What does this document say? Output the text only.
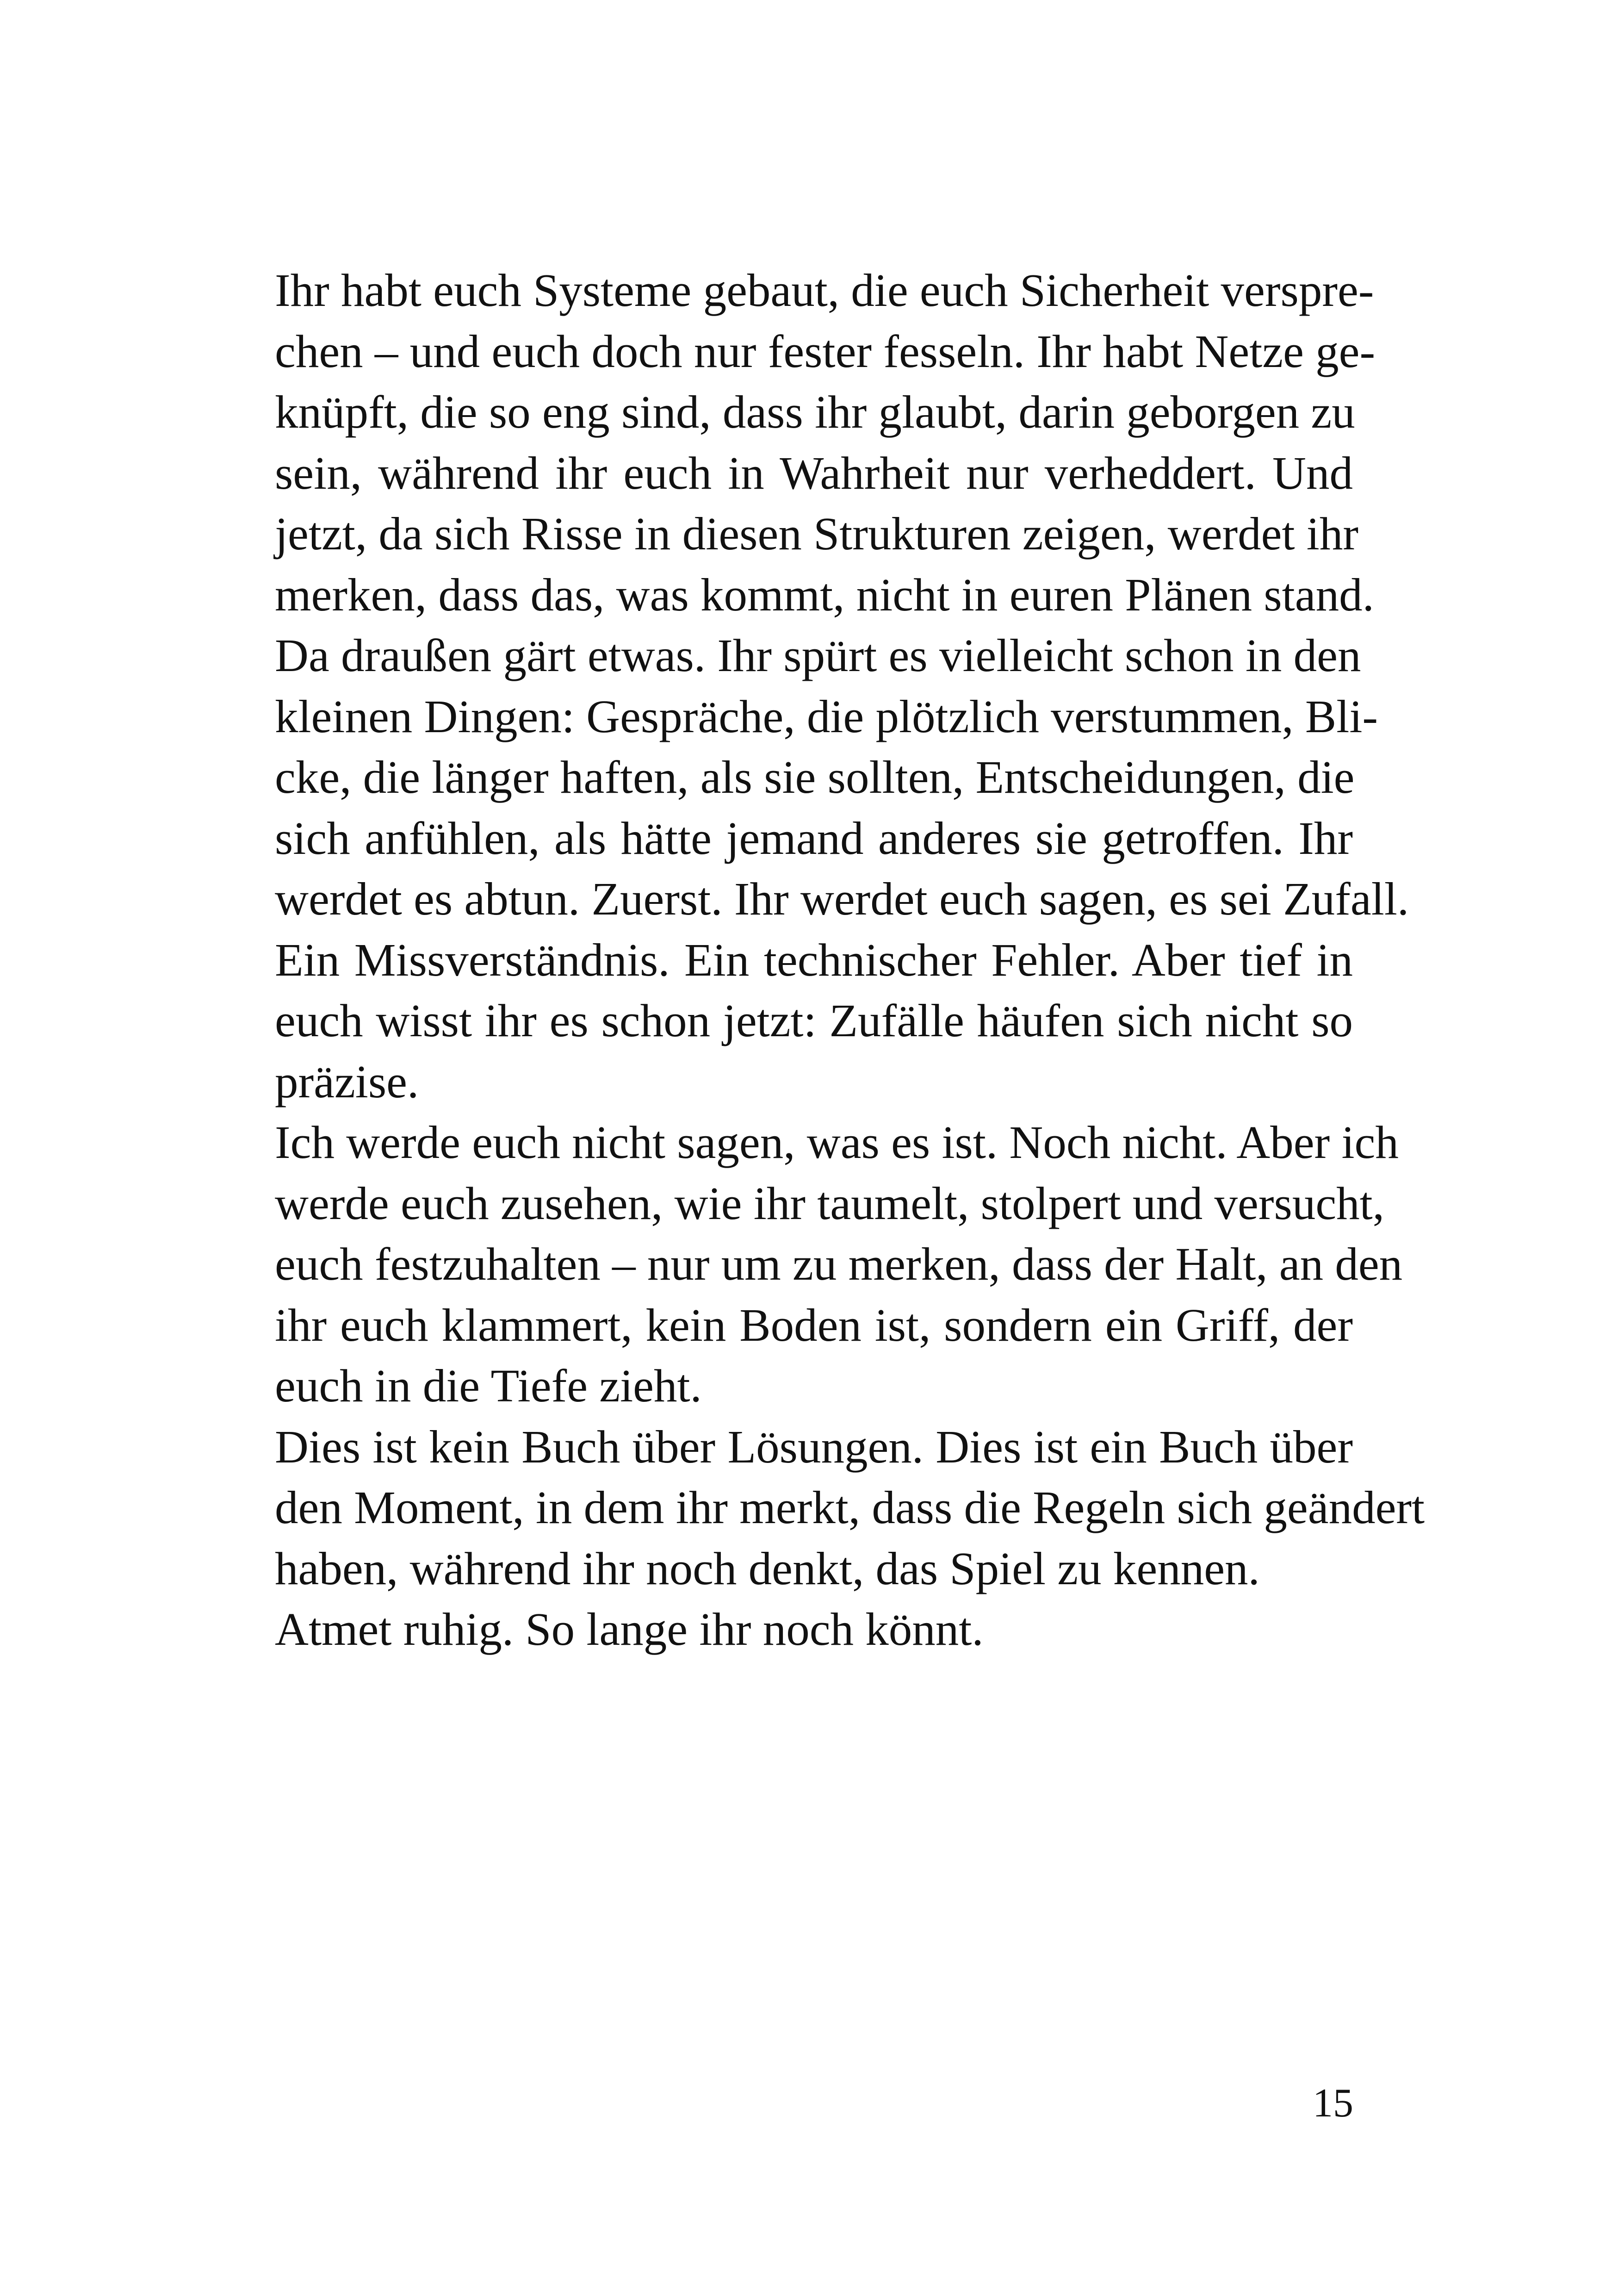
Ihr habt euch Systeme gebaut, die euch Sicherheit verspre-
chen – und euch doch nur fester fesseln. Ihr habt Netze ge-
knüpft, die so eng sind, dass ihr glaubt, darin geborgen zu
sein, während ihr euch in Wahrheit nur verheddert. Und
jetzt, da sich Risse in diesen Strukturen zeigen, werdet ihr
merken, dass das, was kommt, nicht in euren Plänen stand.
Da draußen gärt etwas. Ihr spürt es vielleicht schon in den
kleinen Dingen: Gespräche, die plötzlich verstummen, Bli-
cke, die länger haften, als sie sollten, Entscheidungen, die
sich anfühlen, als hätte jemand anderes sie getroffen. Ihr
werdet es abtun. Zuerst. Ihr werdet euch sagen, es sei Zufall.
Ein Missverständnis. Ein technischer Fehler. Aber tief in
euch wisst ihr es schon jetzt: Zufälle häufen sich nicht so
präzise.
Ich werde euch nicht sagen, was es ist. Noch nicht. Aber ich
werde euch zusehen, wie ihr taumelt, stolpert und versucht,
euch festzuhalten – nur um zu merken, dass der Halt, an den
ihr euch klammert, kein Boden ist, sondern ein Griff, der
euch in die Tiefe zieht.
Dies ist kein Buch über Lösungen. Dies ist ein Buch über
den Moment, in dem ihr merkt, dass die Regeln sich geändert
haben, während ihr noch denkt, das Spiel zu kennen.
Atmet ruhig. So lange ihr noch könnt.
15
